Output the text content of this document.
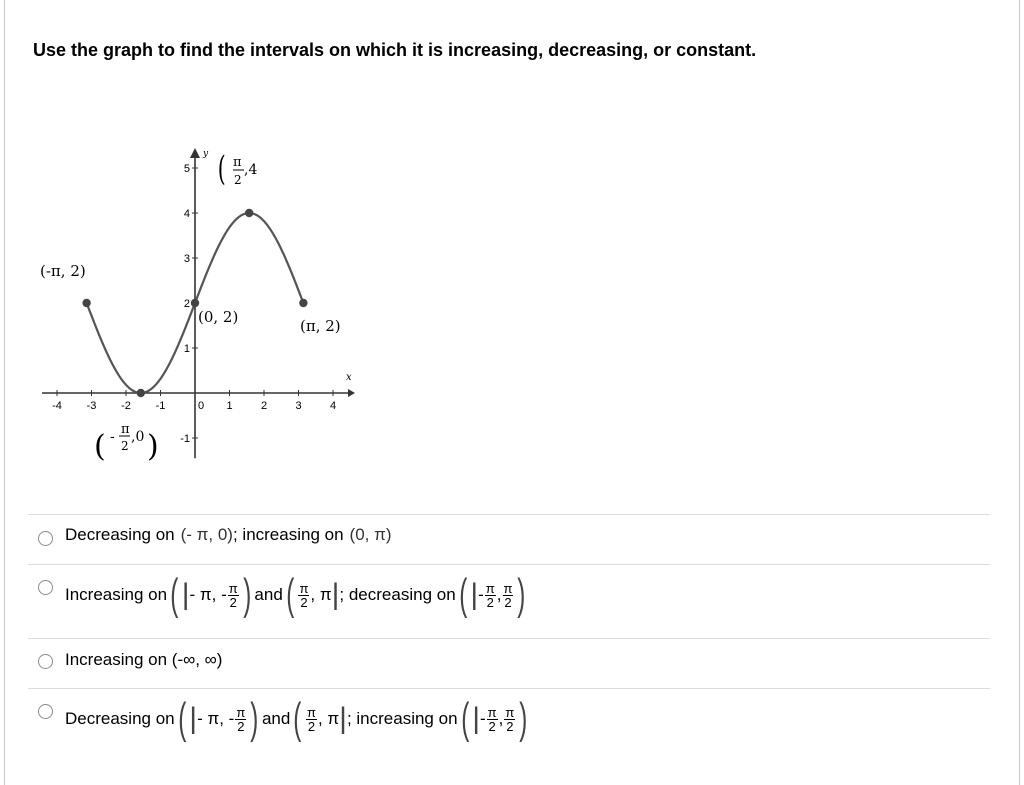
Use the graph to find the intervals on which it is increasing, decreasing, or constant.
x
y
-4 -3 -2 -1	0 1	2	3	4
5
4
3
2
1
-1
( π
2
,4
(-π, 2)
(0, 2)	(π, 2)
( - π
2
,0 )
Decreasing on (- π, 0) ; increasing on (0, π)
Increasing on ( | - π, - $\frac{\pi}{2}$ ) and ( $\frac{\pi}{2}$ , π | ; decreasing on ( | - $\frac{\pi}{2}$ , $\frac{\pi}{2}$ )
Increasing on (-∞, ∞)
Decreasing on ( | - π, - $\frac{\pi}{2}$ ) and ( $\frac{\pi}{2}$ , π | ; increasing on ( | - $\frac{\pi}{2}$ , $\frac{\pi}{2}$ )
